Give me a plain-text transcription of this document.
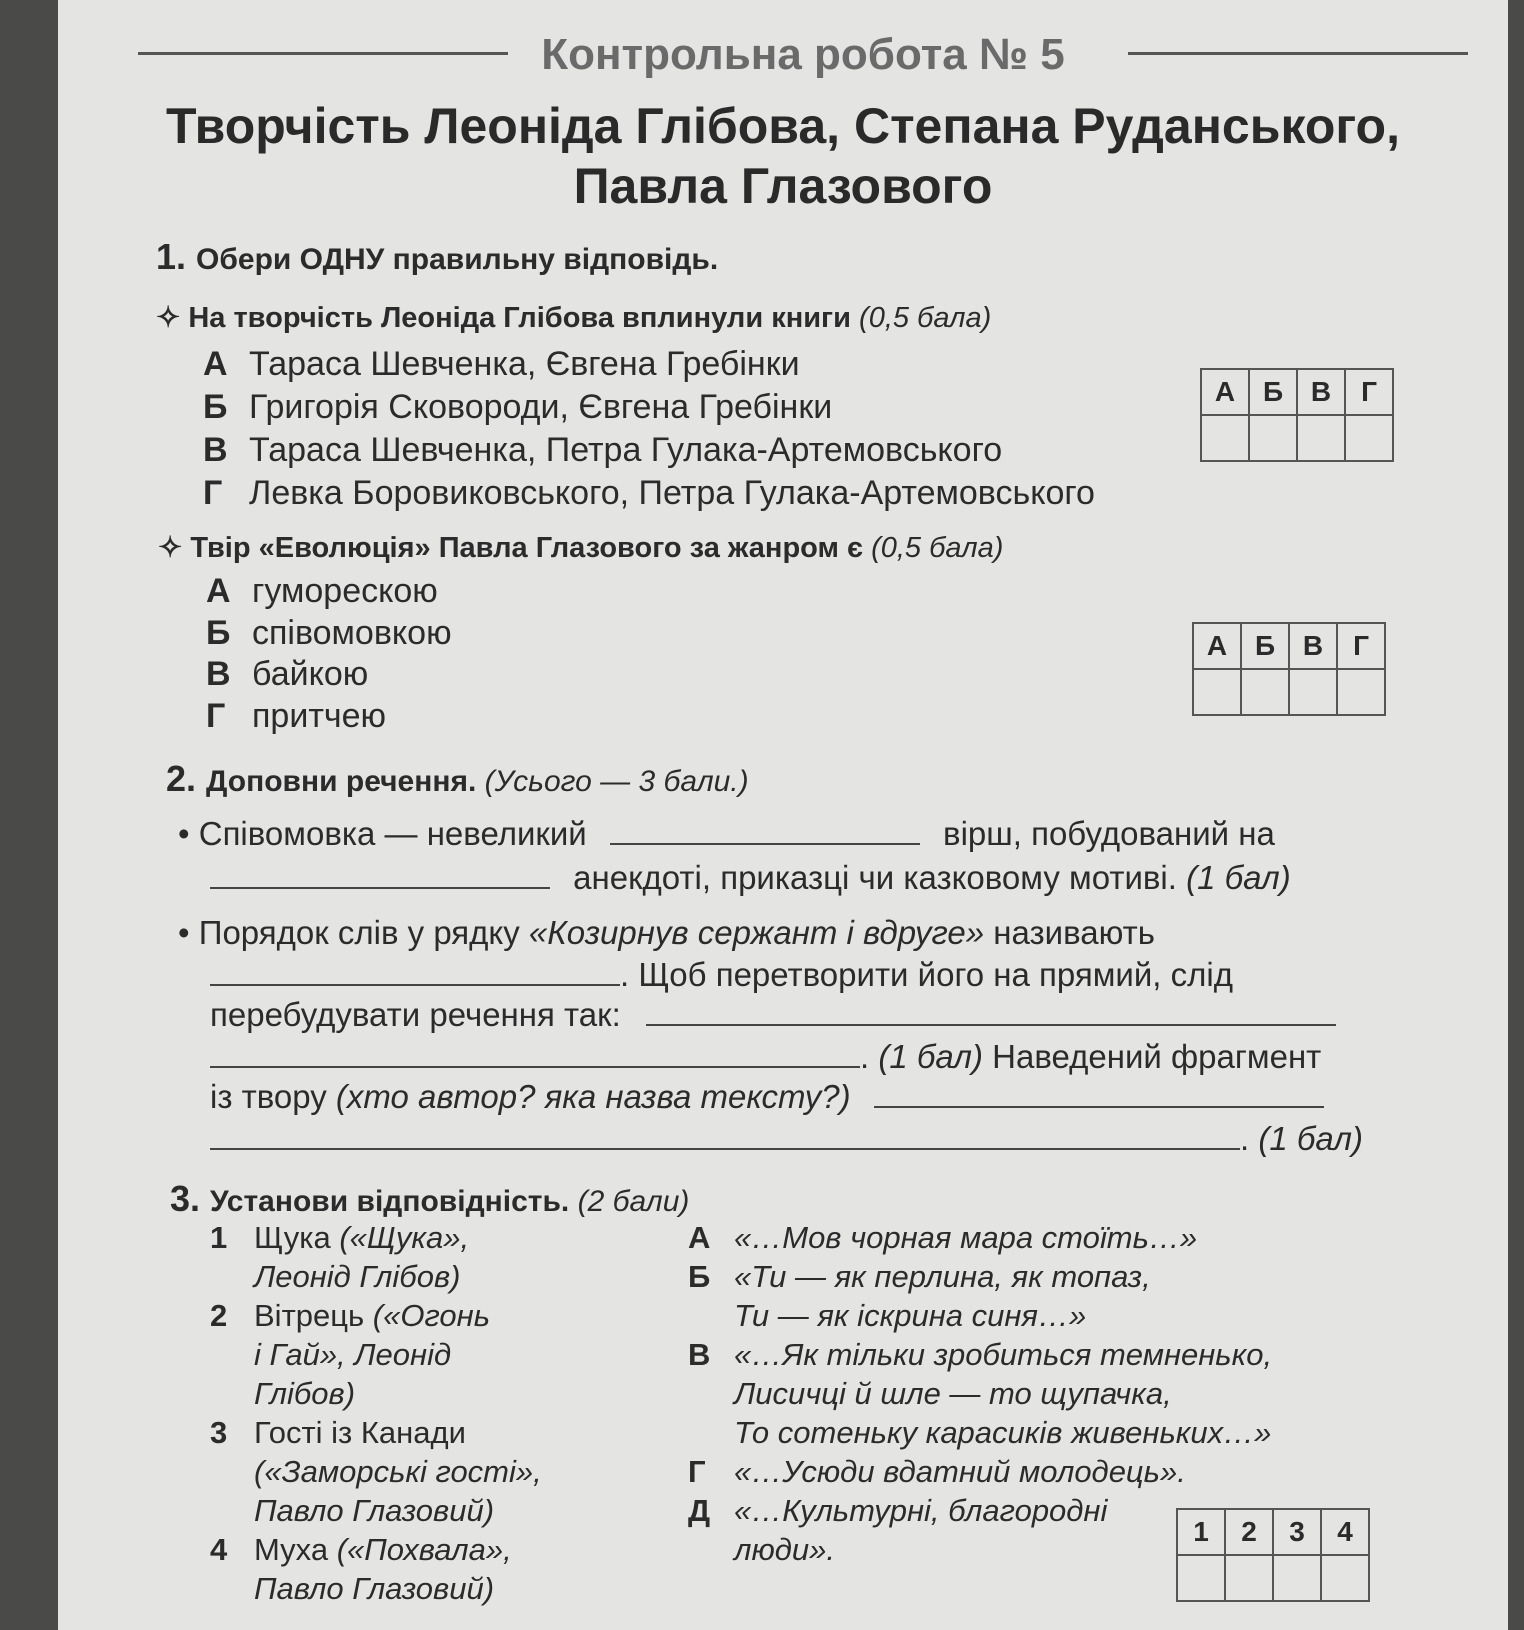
Контрольна робота № 5
Творчість Леоніда Глібова, Степана Руданського,
Павла Глазового
1. Обери ОДНУ правильну відповідь.
✧ На творчість Леоніда Глібова вплинули книги (0,5 бала)
А Тараса Шевченка, Євгена Гребінки
Б Григорія Сковороди, Євгена Гребінки
В Тараса Шевченка, Петра Гулака-Артемовського
Г Левка Боровиковського, Петра Гулака-Артемовського
А	Б	В	Г

✧ Твір «Еволюція» Павла Глазового за жанром є (0,5 бала)
А гуморескою
Б співомовкою
В байкою
Г притчею
А	Б	В	Г

2. Доповни речення. (Усього — 3 бали.)
• Співомовка — невеликий	вірш, побудований на
анекдоті, приказці чи казковому мотиві. (1 бал)
• Порядок слів у рядку «Козирнув сержант і вдруге» називають
. Щоб перетворити його на прямий, слід
перебудувати речення так:
. (1 бал) Наведений фрагмент
із твору (хто автор? яка назва тексту?)
. (1 бал)
3. Установи відповідність. (2 бали)
1 Щука («Щука»,
Леонід Глібов)
2 Вітрець («Огонь
і Гай», Леонід
Глібов)
3 Гості із Канади
(«Заморські гості»,
Павло Глазовий)
4 Муха («Похвала»,
Павло Глазовий)
А «…Мов чорная мара стоїть…»
Б «Ти — як перлина, як топаз,
Ти — як іскрина синя…»
В «…Як тільки зробиться темненько,
Лисичці й шле — то щупачка,
То сотеньку карасиків живеньких…»
Г «…Усюди вдатний молодець».
Д «…Культурні, благородні
люди».
1	2	3	4
